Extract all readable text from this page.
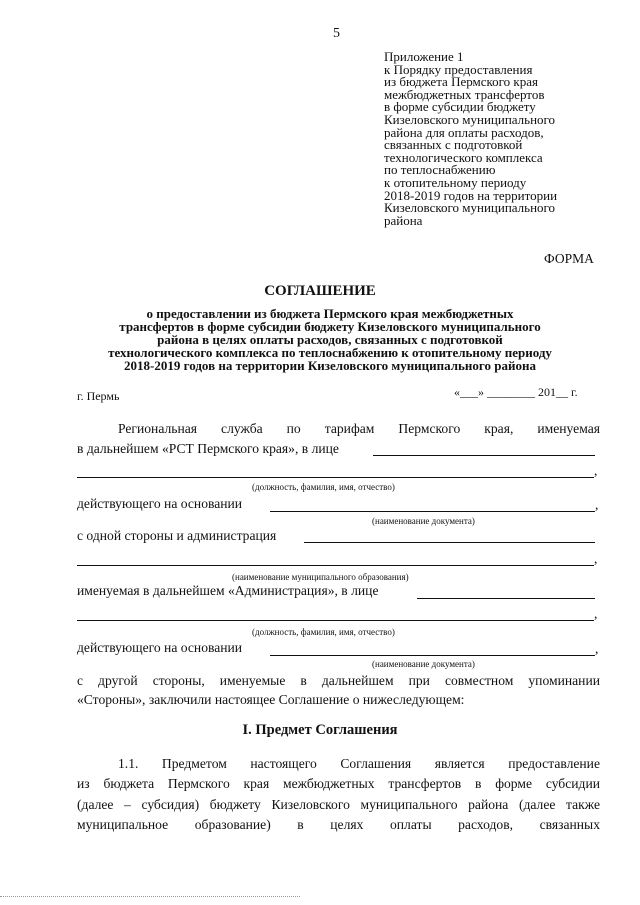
5
Приложение 1
к Порядку предоставления
из бюджета Пермского края
межбюджетных трансфертов
в форме субсидии бюджету
Кизеловского муниципального
района для оплаты расходов,
связанных с подготовкой
технологического комплекса
по теплоснабжению
к отопительному периоду
2018-2019 годов на территории
Кизеловского муниципального
района
ФОРМА
СОГЛАШЕНИЕ
о предоставлении из бюджета Пермского края межбюджетных
трансфертов в форме субсидии бюджету Кизеловского муниципального
района в целях оплаты расходов, связанных с подготовкой
технологического комплекса по теплоснабжению к отопительному периоду
2018-2019 годов на территории Кизеловского муниципального района
г. Пермь	«___» ________ 201__ г.
Региональная служба по тарифам Пермского края, именуемая
в дальнейшем «РСТ Пермского края», в лице
,
(должность, фамилия, имя, отчество)
действующего на основании	,
(наименование документа)
с одной стороны и администрация
,
(наименование муниципального образования)
именуемая в дальнейшем «Администрация», в лице
,
(должность, фамилия, имя, отчество)
действующего на основании	,
(наименование документа)
с другой стороны, именуемые в дальнейшем при совместном упоминании
«Стороны», заключили настоящее Соглашение о нижеследующем:
I. Предмет Соглашения
1.1. Предметом настоящего Соглашения является предоставление
из бюджета Пермского края межбюджетных трансфертов в форме субсидии
(далее – субсидия) бюджету Кизеловского муниципального района (далее также
муниципальное образование) в целях оплаты расходов, связанных
